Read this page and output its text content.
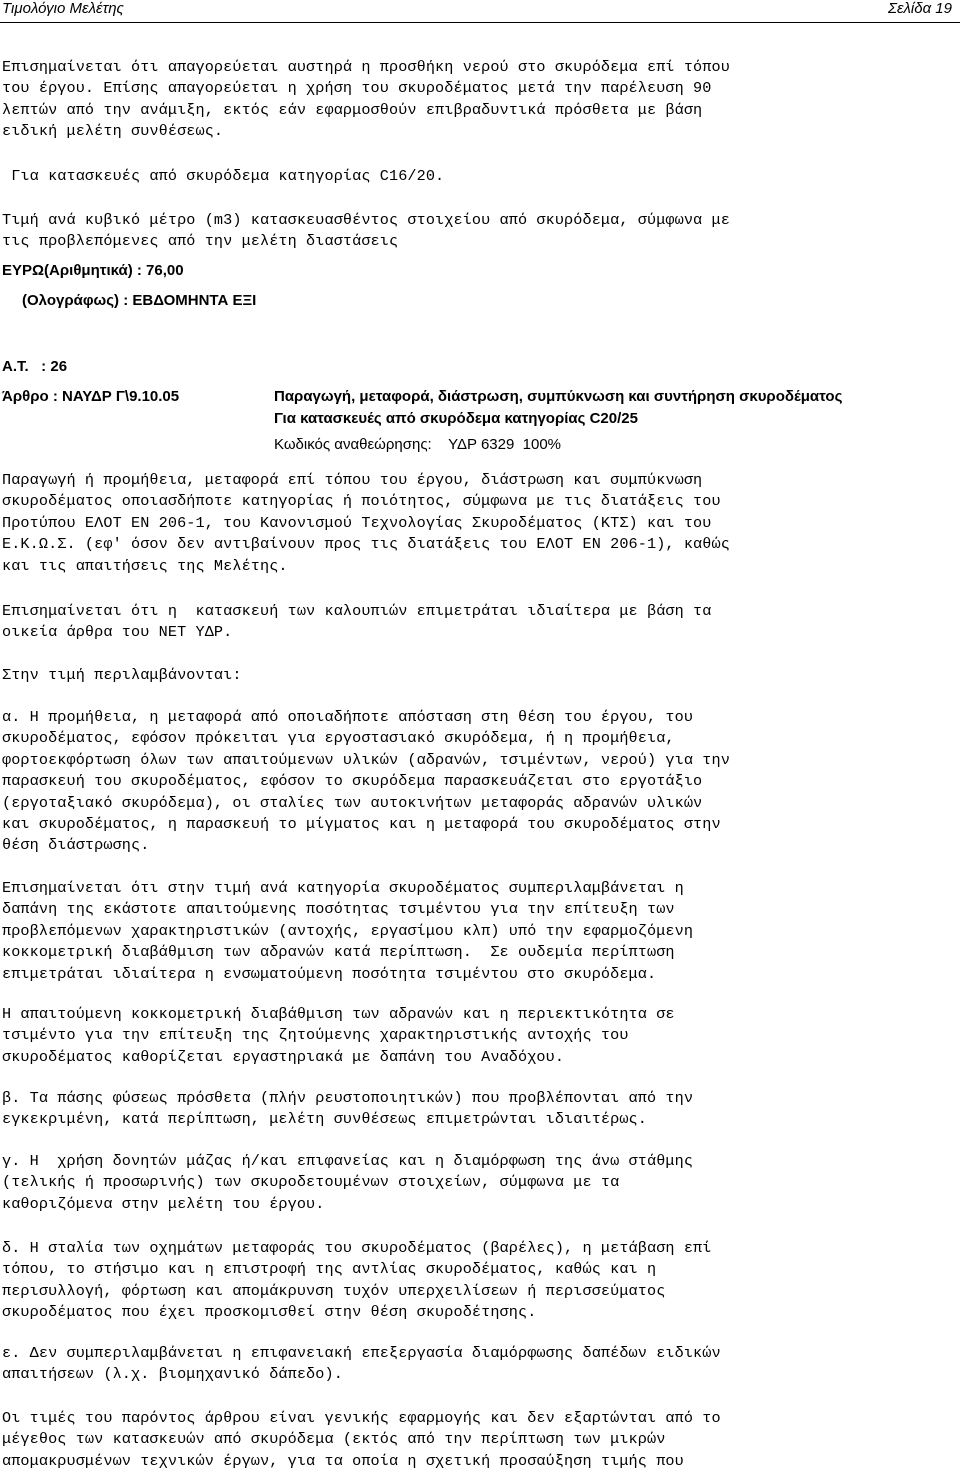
Τιμολόγιο Μελέτης	Σελίδα 19
Επισημαίνεται ότι απαγορεύεται αυστηρά η προσθήκη νερού στο σκυρόδεμα επί τόπου
του έργου. Επίσης απαγορεύεται η χρήση του σκυροδέματος μετά την παρέλευση 90
λεπτών από την ανάμιξη, εκτός εάν εφαρμοσθούν επιβραδυντικά πρόσθετα με βάση
ειδική μελέτη συνθέσεως.
Για κατασκευές από σκυρόδεμα κατηγορίας C16/20.
Τιμή ανά κυβικό μέτρο (m3) κατασκευασθέντος στοιχείου από σκυρόδεμα, σύμφωνα με
τις προβλεπόμενες από την μελέτη διαστάσεις
ΕΥΡΩ(Αριθμητικά) : 76,00
(Ολογράφως) : ΕΒΔΟΜΗΝΤΑ ΕΞΙ
Α.Τ.   : 26
Άρθρο : ΝΑΥΔΡ Γ\9.10.05	Παραγωγή, μεταφορά, διάστρωση, συμπύκνωση και συντήρηση σκυροδέματος
Για κατασκευές από σκυρόδεμα κατηγορίας C20/25
Κωδικός αναθεώρησης:    ΥΔΡ 6329  100%
Παραγωγή ή προμήθεια, μεταφορά επί τόπου του έργου, διάστρωση και συμπύκνωση
σκυροδέματος οποιασδήποτε κατηγορίας ή ποιότητος, σύμφωνα με τις διατάξεις του
Προτύπου ΕΛΟΤ ΕΝ 206-1, του Κανονισμού Τεχνολογίας Σκυροδέματος (ΚΤΣ) και του
Ε.Κ.Ω.Σ. (εφ' όσον δεν αντιβαίνουν προς τις διατάξεις του ΕΛΟΤ ΕΝ 206-1), καθώς
και τις απαιτήσεις της Μελέτης.
Επισημαίνεται ότι η  κατασκευή των καλουπιών επιμετράται ιδιαίτερα με βάση τα
οικεία άρθρα του ΝΕΤ ΥΔΡ.
Στην τιμή περιλαμβάνονται:
α. Η προμήθεια, η μεταφορά από οποιαδήποτε απόσταση στη θέση του έργου, του
σκυροδέματος, εφόσον πρόκειται για εργοστασιακό σκυρόδεμα, ή η προμήθεια,
φορτοεκφόρτωση όλων των απαιτούμενων υλικών (αδρανών, τσιμέντων, νερού) για την
παρασκευή του σκυροδέματος, εφόσον το σκυρόδεμα παρασκευάζεται στο εργοτάξιο
(εργοταξιακό σκυρόδεμα), οι σταλίες των αυτοκινήτων μεταφοράς αδρανών υλικών
και σκυροδέματος, η παρασκευή το μίγματος και η μεταφορά του σκυροδέματος στην
θέση διάστρωσης.
Επισημαίνεται ότι στην τιμή ανά κατηγορία σκυροδέματος συμπεριλαμβάνεται η
δαπάνη της εκάστοτε απαιτούμενης ποσότητας τσιμέντου για την επίτευξη των
προβλεπόμενων χαρακτηριστικών (αντοχής, εργασίμου κλπ) υπό την εφαρμοζόμενη
κοκκομετρική διαβάθμιση των αδρανών κατά περίπτωση.  Σε ουδεμία περίπτωση
επιμετράται ιδιαίτερα η ενσωματούμενη ποσότητα τσιμέντου στο σκυρόδεμα.
Η απαιτούμενη κοκκομετρική διαβάθμιση των αδρανών και η περιεκτικότητα σε
τσιμέντο για την επίτευξη της ζητούμενης χαρακτηριστικής αντοχής του
σκυροδέματος καθορίζεται εργαστηριακά με δαπάνη του Αναδόχου.
β. Τα πάσης φύσεως πρόσθετα (πλήν ρευστοποιητικών) που προβλέπονται από την
εγκεκριμένη, κατά περίπτωση, μελέτη συνθέσεως επιμετρώνται ιδιαιτέρως.
γ. Η  χρήση δονητών μάζας ή/και επιφανείας και η διαμόρφωση της άνω στάθμης
(τελικής ή προσωρινής) των σκυροδετουμένων στοιχείων, σύμφωνα με τα
καθοριζόμενα στην μελέτη του έργου.
δ. Η σταλία των οχημάτων μεταφοράς του σκυροδέματος (βαρέλες), η μετάβαση επί
τόπου, το στήσιμο και η επιστροφή της αντλίας σκυροδέματος, καθώς και η
περισυλλογή, φόρτωση και απομάκρυνση τυχόν υπερχειλίσεων ή περισσεύματος
σκυροδέματος που έχει προσκομισθεί στην θέση σκυροδέτησης.
ε. Δεν συμπεριλαμβάνεται η επιφανειακή επεξεργασία διαμόρφωσης δαπέδων ειδικών
απαιτήσεων (λ.χ. βιομηχανικό δάπεδο).
Οι τιμές του παρόντος άρθρου είναι γενικής εφαρμογής και δεν εξαρτώνται από το
μέγεθος των κατασκευών από σκυρόδεμα (εκτός από την περίπτωση των μικρών
απομακρυσμένων τεχνικών έργων, για τα οποία η σχετική προσαύξηση τιμής που
